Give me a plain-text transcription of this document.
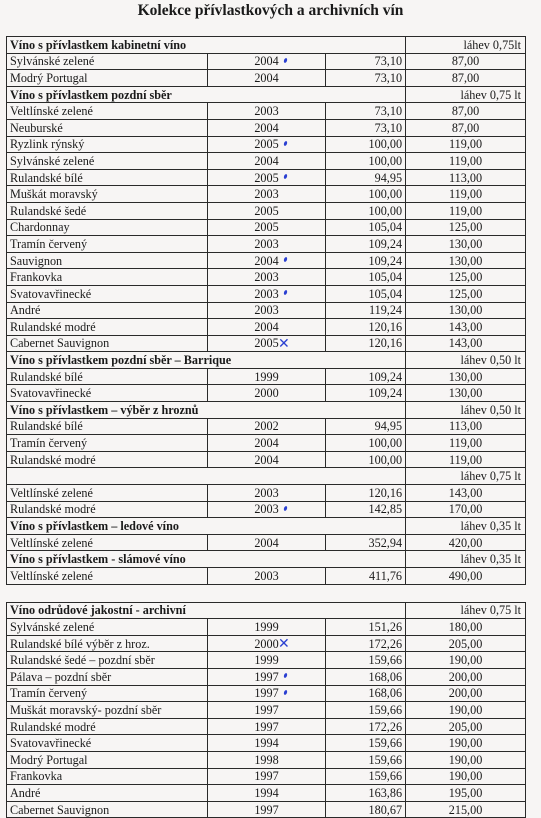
Kolekce přívlastkových a archivních vín
Víno s přívlastkem kabinetní víno			láhev 0,75lt
Sylvánské zelené	2004	73,10	87,00
Modrý Portugal	2004	73,10	87,00
Víno s přívlastkem pozdní sběr			láhev 0,75 lt
Veltlínské zelené	2003	73,10	87,00
Neuburské	2004	73,10	87,00
Ryzlink rýnský	2005	100,00	119,00
Sylvánské zelené	2004	100,00	119,00
Rulandské bílé	2005	94,95	113,00
Muškát moravský	2003	100,00	119,00
Rulandské šedé	2005	100,00	119,00
Chardonnay	2005	105,04	125,00
Tramín červený	2003	109,24	130,00
Sauvignon	2004	109,24	130,00
Frankovka	2003	105,04	125,00
Svatovavřinecké	2003	105,04	125,00
André	2003	119,24	130,00
Rulandské modré	2004	120,16	143,00
Cabernet Sauvignon	2005 ✕	120,16	143,00
Víno s přívlastkem pozdní sběr – Barrique			láhev 0,50 lt
Rulandské bílé	1999	109,24	130,00
Svatovavřinecké	2000	109,24	130,00
Víno s přívlastkem – výběr z hroznů			láhev 0,50 lt
Rulandské bílé	2002	94,95	113,00
Tramín červený	2004	100,00	119,00
Rulandské modré	2004	100,00	119,00
			láhev 0,75 lt
Veltlínské zelené	2003	120,16	143,00
Rulandské modré	2003	142,85	170,00
Víno s přívlastkem – ledové víno			láhev 0,35 lt
Veltlínské zelené	2004	352,94	420,00
Víno s přívlastkem - slámové víno			láhev 0,35 lt
Veltlínské zelené	2003	411,76	490,00

Víno odrůdové jakostní - archivní			láhev 0,75 lt
Sylvánské zelené	1999	151,26	180,00
Rulandské bílé výběr z hroz.	2000 ✕	172,26	205,00
Rulandské šedé – pozdní sběr	1999	159,66	190,00
Pálava – pozdní sběr	1997	168,06	200,00
Tramín červený	1997	168,06	200,00
Muškát moravský- pozdní sběr	1997	159,66	190,00
Rulandské modré	1997	172,26	205,00
Svatovavřinecké	1994	159,66	190,00
Modrý Portugal	1998	159,66	190,00
Frankovka	1997	159,66	190,00
André	1994	163,86	195,00
Cabernet Sauvignon	1997	180,67	215,00
